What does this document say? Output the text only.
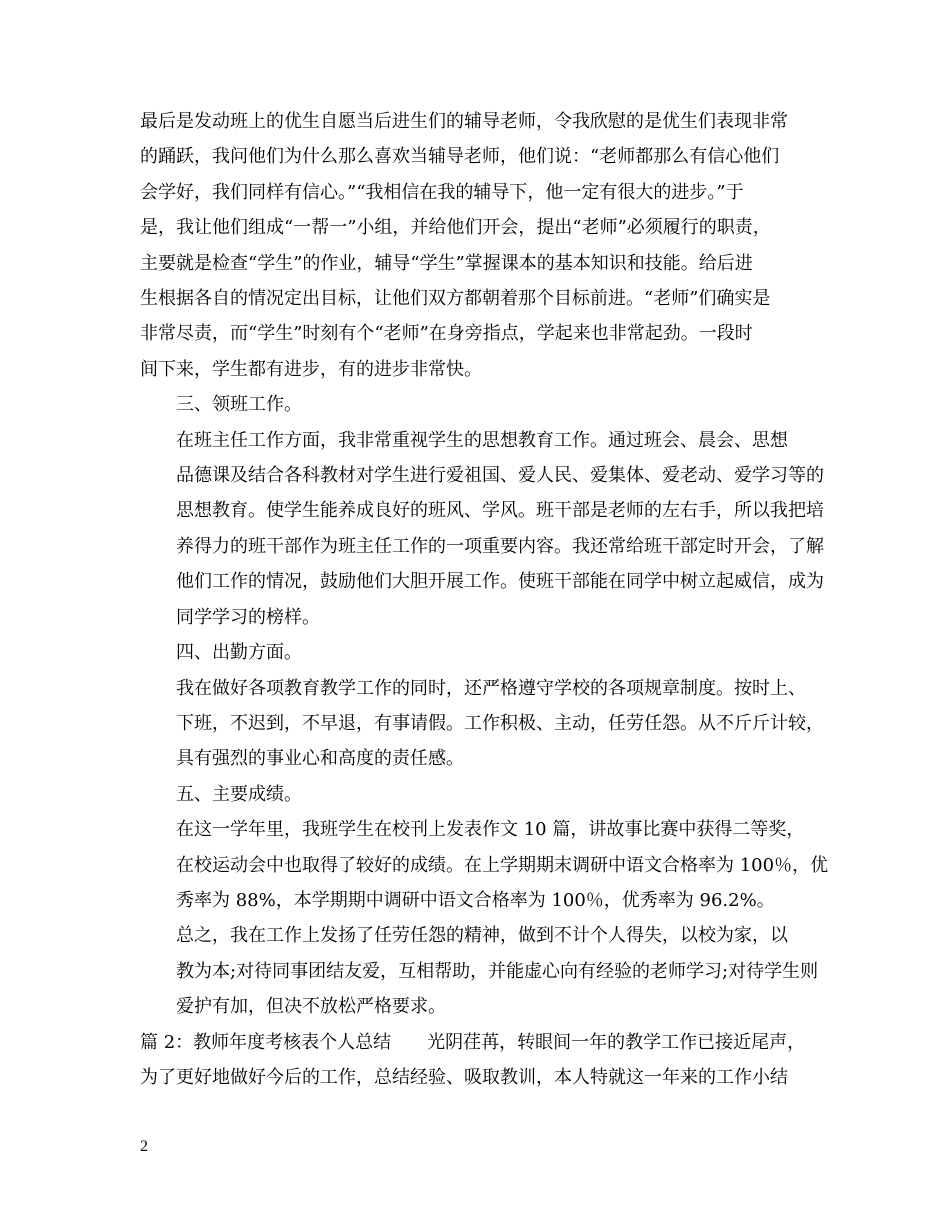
最后是发动班上的优生自愿当后进生们的辅导老师，令我欣慰的是优生们表现非常
的踊跃，我问他们为什么那么喜欢当辅导老师，他们说：“老师都那么有信心他们
会学好，我们同样有信心。”“我相信在我的辅导下，他一定有很大的进步。”于
是，我让他们组成“一帮一”小组，并给他们开会，提出“老师”必须履行的职责，
主要就是检查“学生”的作业，辅导“学生”掌握课本的基本知识和技能。给后进
生根据各自的情况定出目标，让他们双方都朝着那个目标前进。“老师”们确实是
非常尽责，而“学生”时刻有个“老师”在身旁指点，学起来也非常起劲。一段时
间下来，学生都有进步，有的进步非常快。

三、领班工作。

在班主任工作方面，我非常重视学生的思想教育工作。通过班会、晨会、思想
品德课及结合各科教材对学生进行爱祖国、爱人民、爱集体、爱老动、爱学习等的
思想教育。使学生能养成良好的班风、学风。班干部是老师的左右手，所以我把培
养得力的班干部作为班主任工作的一项重要内容。我还常给班干部定时开会，了解
他们工作的情况，鼓励他们大胆开展工作。使班干部能在同学中树立起威信，成为
同学学习的榜样。

四、出勤方面。

我在做好各项教育教学工作的同时，还严格遵守学校的各项规章制度。按时上、
下班，不迟到，不早退，有事请假。工作积极、主动，任劳任怨。从不斤斤计较，
具有强烈的事业心和高度的责任感。

五、主要成绩。

在这一学年里，我班学生在校刊上发表作文 10 篇，讲故事比赛中获得二等奖，
在校运动会中也取得了较好的成绩。在上学期期末调研中语文合格率为 100％，优
秀率为 88%，本学期期中调研中语文合格率为 100％，优秀率为 96.2%。

总之，我在工作上发扬了任劳任怨的精神，做到不计个人得失，以校为家，以
教为本;对待同事团结友爱，互相帮助，并能虚心向有经验的老师学习;对待学生则
爱护有加，但决不放松严格要求。

篇 2：教师年度考核表个人总结　　光阴荏苒，转眼间一年的教学工作已接近尾声，
为了更好地做好今后的工作，总结经验、吸取教训，本人特就这一年来的工作小结

2
